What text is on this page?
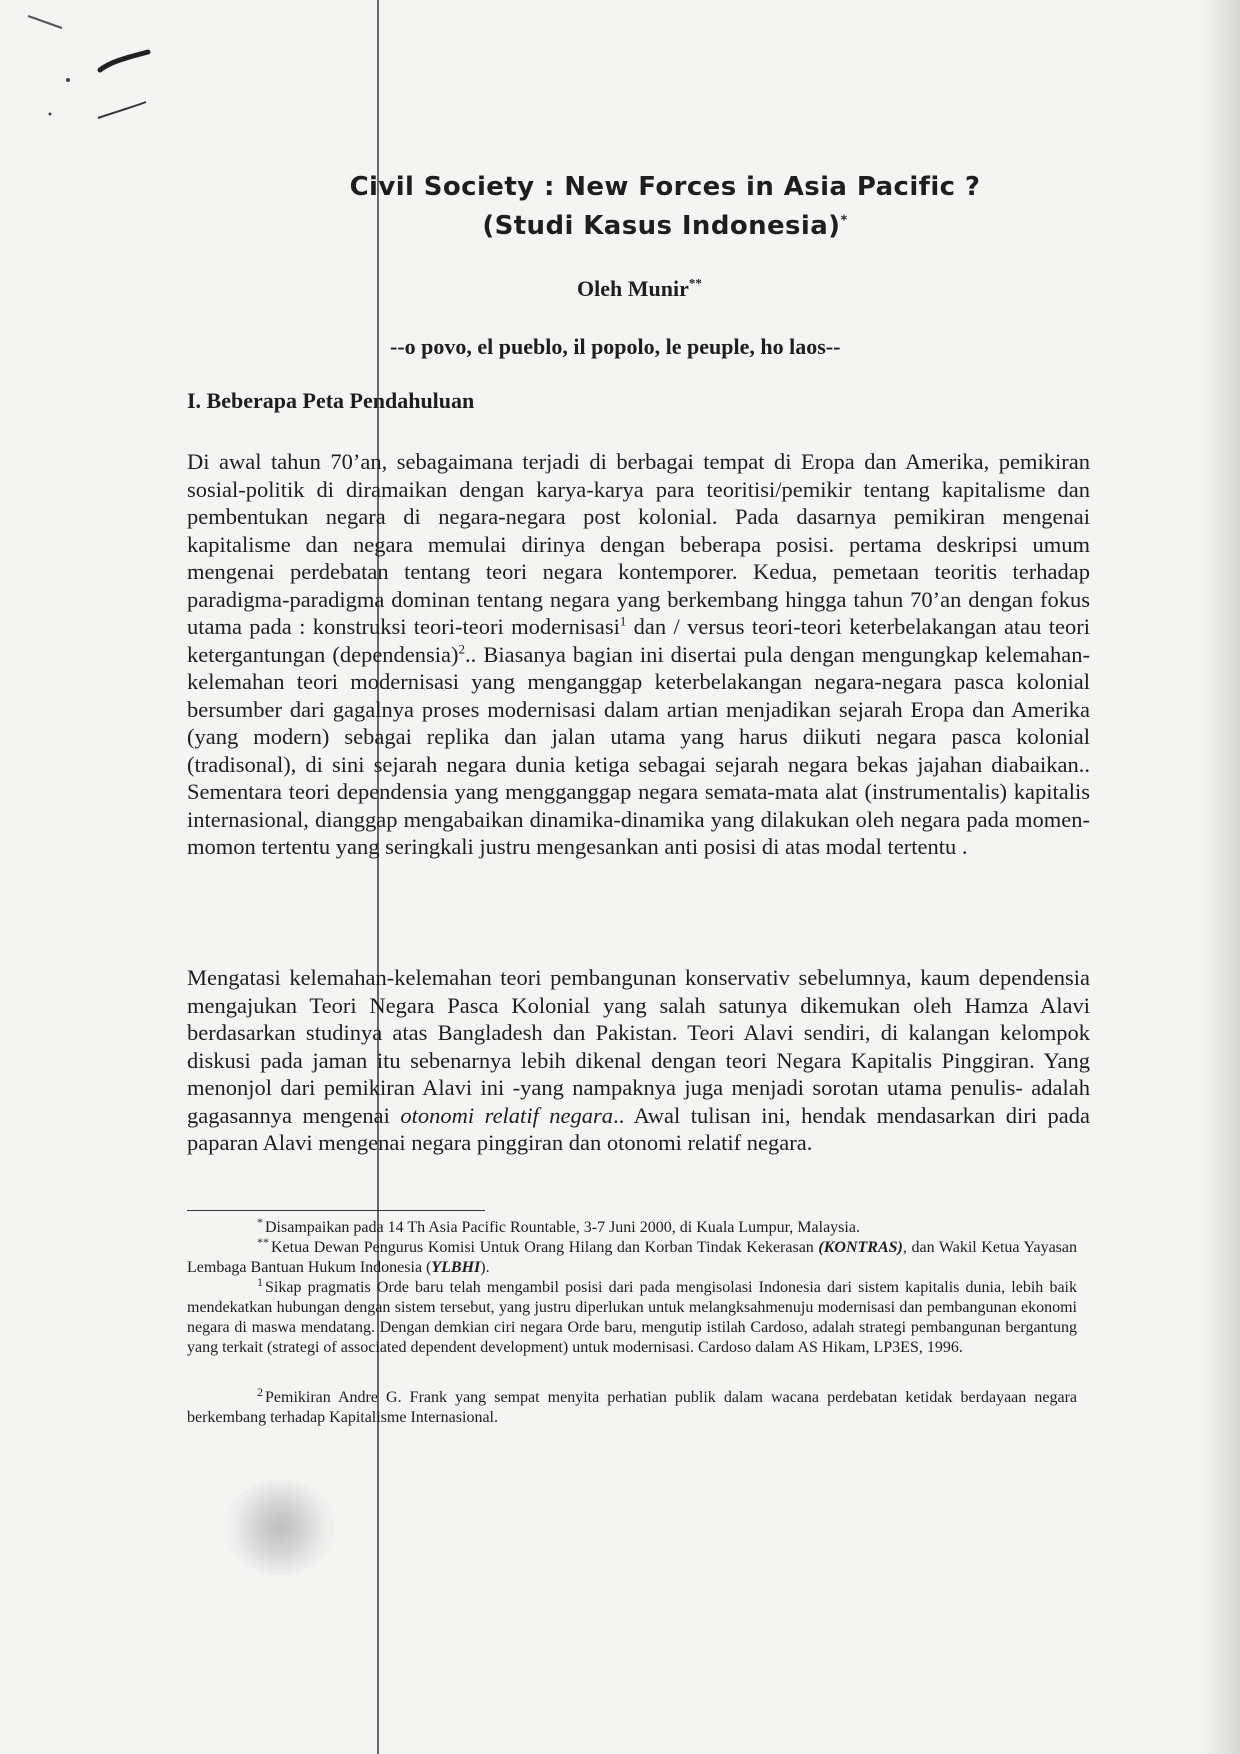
Civil Society : New Forces in Asia Pacific ?
(Studi Kasus Indonesia)*
Oleh Munir**
--o povo, el pueblo, il popolo, le peuple, ho laos--
I. Beberapa Peta Pendahuluan

Di awal tahun 70’an, sebagaimana terjadi di berbagai tempat di Eropa dan Amerika, pemikiran sosial-politik di diramaikan dengan karya-karya para teoritisi/pemikir tentang kapitalisme dan pembentukan negara di negara-negara post kolonial. Pada dasarnya pemikiran mengenai kapitalisme dan negara memulai dirinya dengan beberapa posisi. pertama deskripsi umum mengenai perdebatan tentang teori negara kontemporer. Kedua, pemetaan teoritis terhadap paradigma-paradigma dominan tentang negara yang berkembang hingga tahun 70’an dengan fokus utama pada : konstruksi teori-teori modernisasi$^1$ dan / versus teori-teori keterbelakangan atau teori ketergantungan (dependensia)$^2$.. Biasanya bagian ini disertai pula dengan mengungkap kelemahan-kelemahan teori modernisasi yang menganggap keterbelakangan negara-negara pasca kolonial bersumber dari gagalnya proses modernisasi dalam artian menjadikan sejarah Eropa dan Amerika (yang modern) sebagai replika dan jalan utama yang harus diikuti negara pasca kolonial (tradisonal), di sini sejarah negara dunia ketiga sebagai sejarah negara bekas jajahan diabaikan.. Sementara teori dependensia yang mengganggap negara semata-mata alat (instrumentalis) kapitalis internasional, dianggap mengabaikan dinamika-dinamika yang dilakukan oleh negara pada momen-momon tertentu yang seringkali justru mengesankan anti posisi di atas modal tertentu .

Mengatasi kelemahan-kelemahan teori pembangunan konservativ sebelumnya, kaum dependensia mengajukan Teori Negara Pasca Kolonial yang salah satunya dikemukan oleh Hamza Alavi berdasarkan studinya atas Bangladesh dan Pakistan. Teori Alavi sendiri, di kalangan kelompok diskusi pada jaman itu sebenarnya lebih dikenal dengan teori Negara Kapitalis Pinggiran. Yang menonjol dari pemikiran Alavi ini -yang nampaknya juga menjadi sorotan utama penulis- adalah gagasannya mengenai otonomi relatif negara.. Awal tulisan ini, hendak mendasarkan diri pada paparan Alavi mengenai negara pinggiran dan otonomi relatif negara.

* Disampaikan pada 14 Th Asia Pacific Rountable, 3-7 Juni 2000, di Kuala Lumpur, Malaysia.

** Ketua Dewan Pengurus Komisi Untuk Orang Hilang dan Korban Tindak Kekerasan (KONTRAS), dan Wakil Ketua Yayasan Lembaga Bantuan Hukum Indonesia (YLBHI).

$^1$ Sikap pragmatis Orde baru telah mengambil posisi dari pada mengisolasi Indonesia dari sistem kapitalis dunia, lebih baik mendekatkan hubungan dengan sistem tersebut, yang justru diperlukan untuk melangksahmenuju modernisasi dan pembangunan ekonomi negara di maswa mendatang. Dengan demkian ciri negara Orde baru, mengutip istilah Cardoso, adalah strategi pembangunan bergantung yang terkait (strategi of associated dependent development) untuk modernisasi. Cardoso dalam AS Hikam, LP3ES, 1996.

$^2$ Pemikiran Andre G. Frank yang sempat menyita perhatian publik dalam wacana perdebatan ketidak berdayaan negara berkembang terhadap Kapitalisme Internasional.
